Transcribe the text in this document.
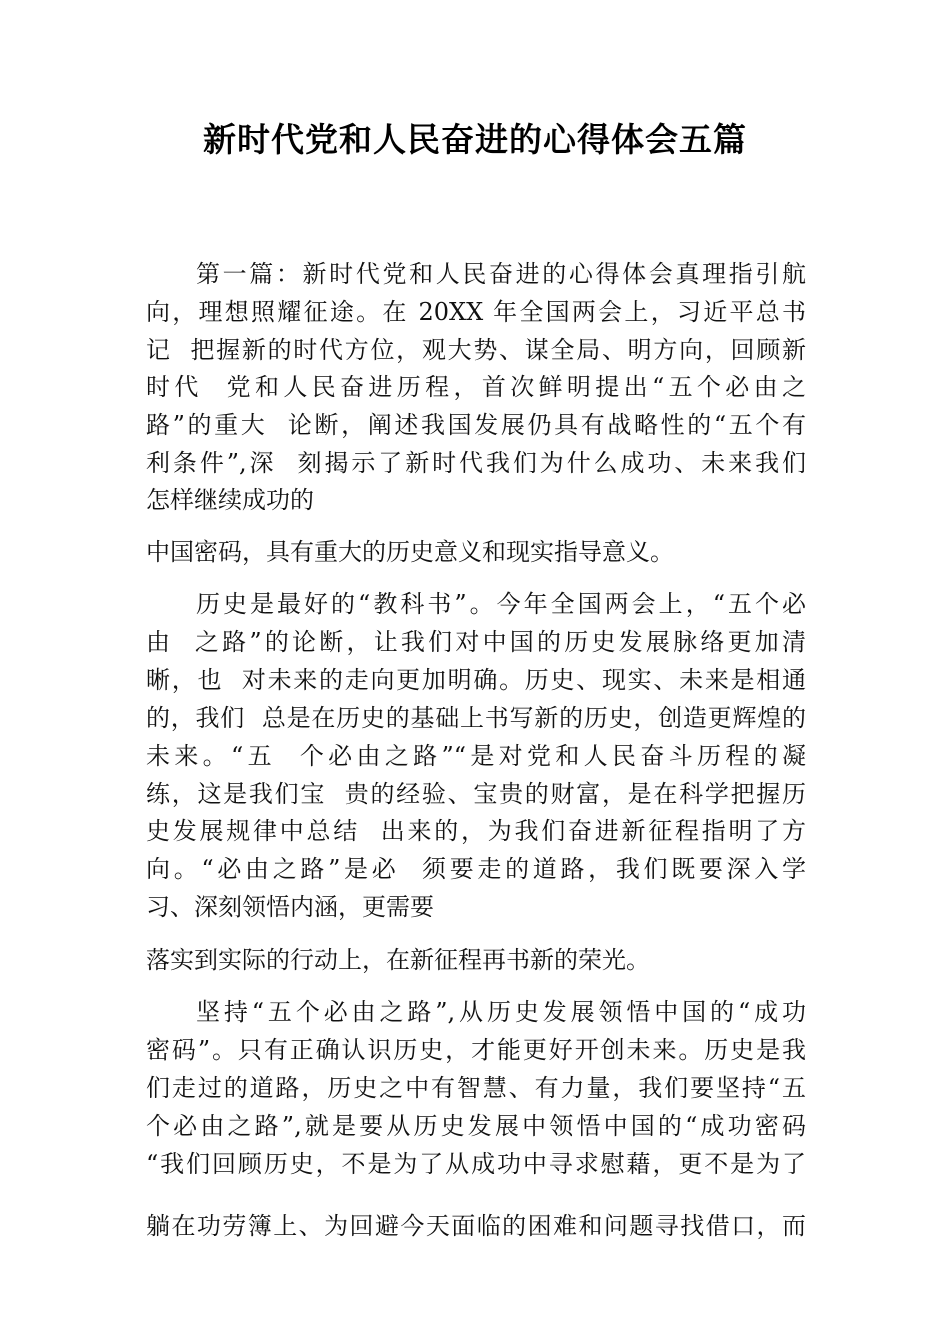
新时代党和人民奋进的心得体会五篇
第一篇：新时代党和人民奋进的心得体会真理指引航
向，理想照耀征途。在 20XX 年全国两会上，习近平总书
记  把握新的时代方位，观大势、谋全局、明方向，回顾新
时代  党和人民奋进历程，首次鲜明提出“五个必由之
路”的重大  论断，阐述我国发展仍具有战略性的“五个有
利条件”,深  刻揭示了新时代我们为什么成功、未来我们
怎样继续成功的
中国密码，具有重大的历史意义和现实指导意义。
历史是最好的“教科书”。今年全国两会上，“五个必
由  之路”的论断，让我们对中国的历史发展脉络更加清
晰，也  对未来的走向更加明确。历史、现实、未来是相通
的，我们  总是在历史的基础上书写新的历史，创造更辉煌的
未来。“五  个必由之路”“是对党和人民奋斗历程的凝
练，这是我们宝  贵的经验、宝贵的财富，是在科学把握历
史发展规律中总结  出来的，为我们奋进新征程指明了方
向。“必由之路”是必  须要走的道路，我们既要深入学
习、深刻领悟内涵，更需要
落实到实际的行动上，在新征程再书新的荣光。
坚持“五个必由之路”,从历史发展领悟中国的“成功
密码”。只有正确认识历史，才能更好开创未来。历史是我
们走过的道路，历史之中有智慧、有力量，我们要坚持“五
个必由之路”,就是要从历史发展中领悟中国的“成功密码
“我们回顾历史，不是为了从成功中寻求慰藉，更不是为了
躺在功劳簿上、为回避今天面临的困难和问题寻找借口，而
